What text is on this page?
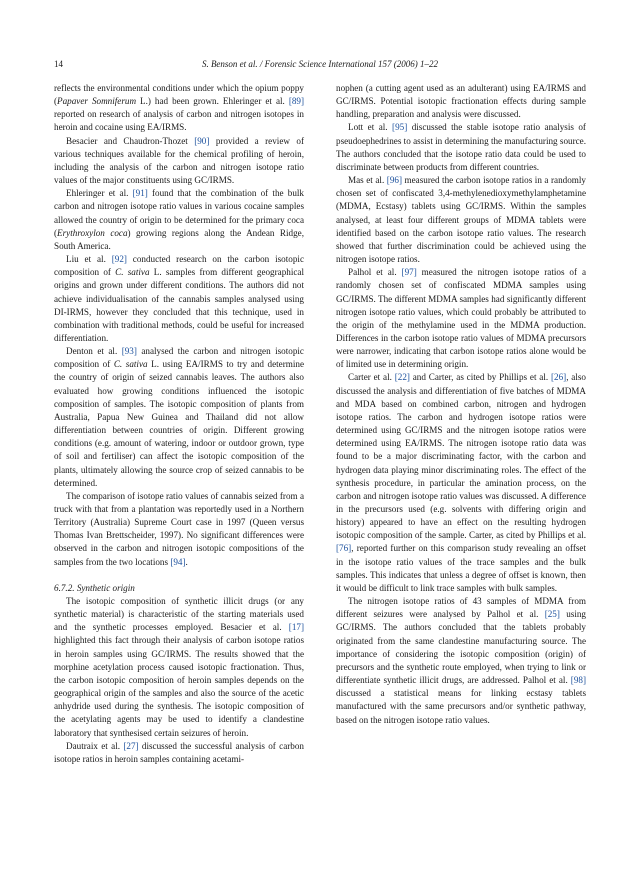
14	S. Benson et al. / Forensic Science International 157 (2006) 1–22

reflects the environmental conditions under which the opium poppy (Papaver Somniferum L.) had been grown. Ehleringer et al. [89] reported on research of analysis of carbon and nitrogen isotopes in heroin and cocaine using EA/IRMS.

Besacier and Chaudron-Thozet [90] provided a review of various techniques available for the chemical profiling of heroin, including the analysis of the carbon and nitrogen isotope ratio values of the major constituents using GC/IRMS.

Ehleringer et al. [91] found that the combination of the bulk carbon and nitrogen isotope ratio values in various cocaine samples allowed the country of origin to be determined for the primary coca (Erythroxylon coca) growing regions along the Andean Ridge, South America.

Liu et al. [92] conducted research on the carbon isotopic composition of C. sativa L. samples from different geographical origins and grown under different conditions. The authors did not achieve individualisation of the cannabis samples analysed using DI-IRMS, however they concluded that this technique, used in combination with traditional methods, could be useful for increased differentiation.

Denton et al. [93] analysed the carbon and nitrogen isotopic composition of C. sativa L. using EA/IRMS to try and determine the country of origin of seized cannabis leaves. The authors also evaluated how growing conditions influenced the isotopic composition of samples. The isotopic composition of plants from Australia, Papua New Guinea and Thailand did not allow differentiation between countries of origin. Different growing conditions (e.g. amount of watering, indoor or outdoor grown, type of soil and fertiliser) can affect the isotopic composition of the plants, ultimately allowing the source crop of seized cannabis to be determined.

The comparison of isotope ratio values of cannabis seized from a truck with that from a plantation was reportedly used in a Northern Territory (Australia) Supreme Court case in 1997 (Queen versus Thomas Ivan Brettscheider, 1997). No significant differences were observed in the carbon and nitrogen isotopic compositions of the samples from the two locations [94].

6.7.2. Synthetic origin

The isotopic composition of synthetic illicit drugs (or any synthetic material) is characteristic of the starting materials used and the synthetic processes employed. Besacier et al. [17] highlighted this fact through their analysis of carbon isotope ratios in heroin samples using GC/IRMS. The results showed that the morphine acetylation process caused isotopic fractionation. Thus, the carbon isotopic composition of heroin samples depends on the geographical origin of the samples and also the source of the acetic anhydride used during the synthesis. The isotopic composition of the acetylating agents may be used to identify a clandestine laboratory that synthesised certain seizures of heroin.

Dautraix et al. [27] discussed the successful analysis of carbon isotope ratios in heroin samples containing acetami-

nophen (a cutting agent used as an adulterant) using EA/IRMS and GC/IRMS. Potential isotopic fractionation effects during sample handling, preparation and analysis were discussed.

Lott et al. [95] discussed the stable isotope ratio analysis of pseudoephedrines to assist in determining the manufacturing source. The authors concluded that the isotope ratio data could be used to discriminate between products from different countries.

Mas et al. [96] measured the carbon isotope ratios in a randomly chosen set of confiscated 3,4-methylenedioxymethylamphetamine (MDMA, Ecstasy) tablets using GC/IRMS. Within the samples analysed, at least four different groups of MDMA tablets were identified based on the carbon isotope ratio values. The research showed that further discrimination could be achieved using the nitrogen isotope ratios.

Palhol et al. [97] measured the nitrogen isotope ratios of a randomly chosen set of confiscated MDMA samples using GC/IRMS. The different MDMA samples had significantly different nitrogen isotope ratio values, which could probably be attributed to the origin of the methylamine used in the MDMA production. Differences in the carbon isotope ratio values of MDMA precursors were narrower, indicating that carbon isotope ratios alone would be of limited use in determining origin.

Carter et al. [22] and Carter, as cited by Phillips et al. [26], also discussed the analysis and differentiation of five batches of MDMA and MDA based on combined carbon, nitrogen and hydrogen isotope ratios. The carbon and hydrogen isotope ratios were determined using GC/IRMS and the nitrogen isotope ratios were determined using EA/IRMS. The nitrogen isotope ratio data was found to be a major discriminating factor, with the carbon and hydrogen data playing minor discriminating roles. The effect of the synthesis procedure, in particular the amination process, on the carbon and nitrogen isotope ratio values was discussed. A difference in the precursors used (e.g. solvents with differing origin and history) appeared to have an effect on the resulting hydrogen isotopic composition of the sample. Carter, as cited by Phillips et al. [76], reported further on this comparison study revealing an offset in the isotope ratio values of the trace samples and the bulk samples. This indicates that unless a degree of offset is known, then it would be difficult to link trace samples with bulk samples.

The nitrogen isotope ratios of 43 samples of MDMA from different seizures were analysed by Palhol et al. [25] using GC/IRMS. The authors concluded that the tablets probably originated from the same clandestine manufacturing source. The importance of considering the isotopic composition (origin) of precursors and the synthetic route employed, when trying to link or differentiate synthetic illicit drugs, are addressed. Palhol et al. [98] discussed a statistical means for linking ecstasy tablets manufactured with the same precursors and/or synthetic pathway, based on the nitrogen isotope ratio values.
